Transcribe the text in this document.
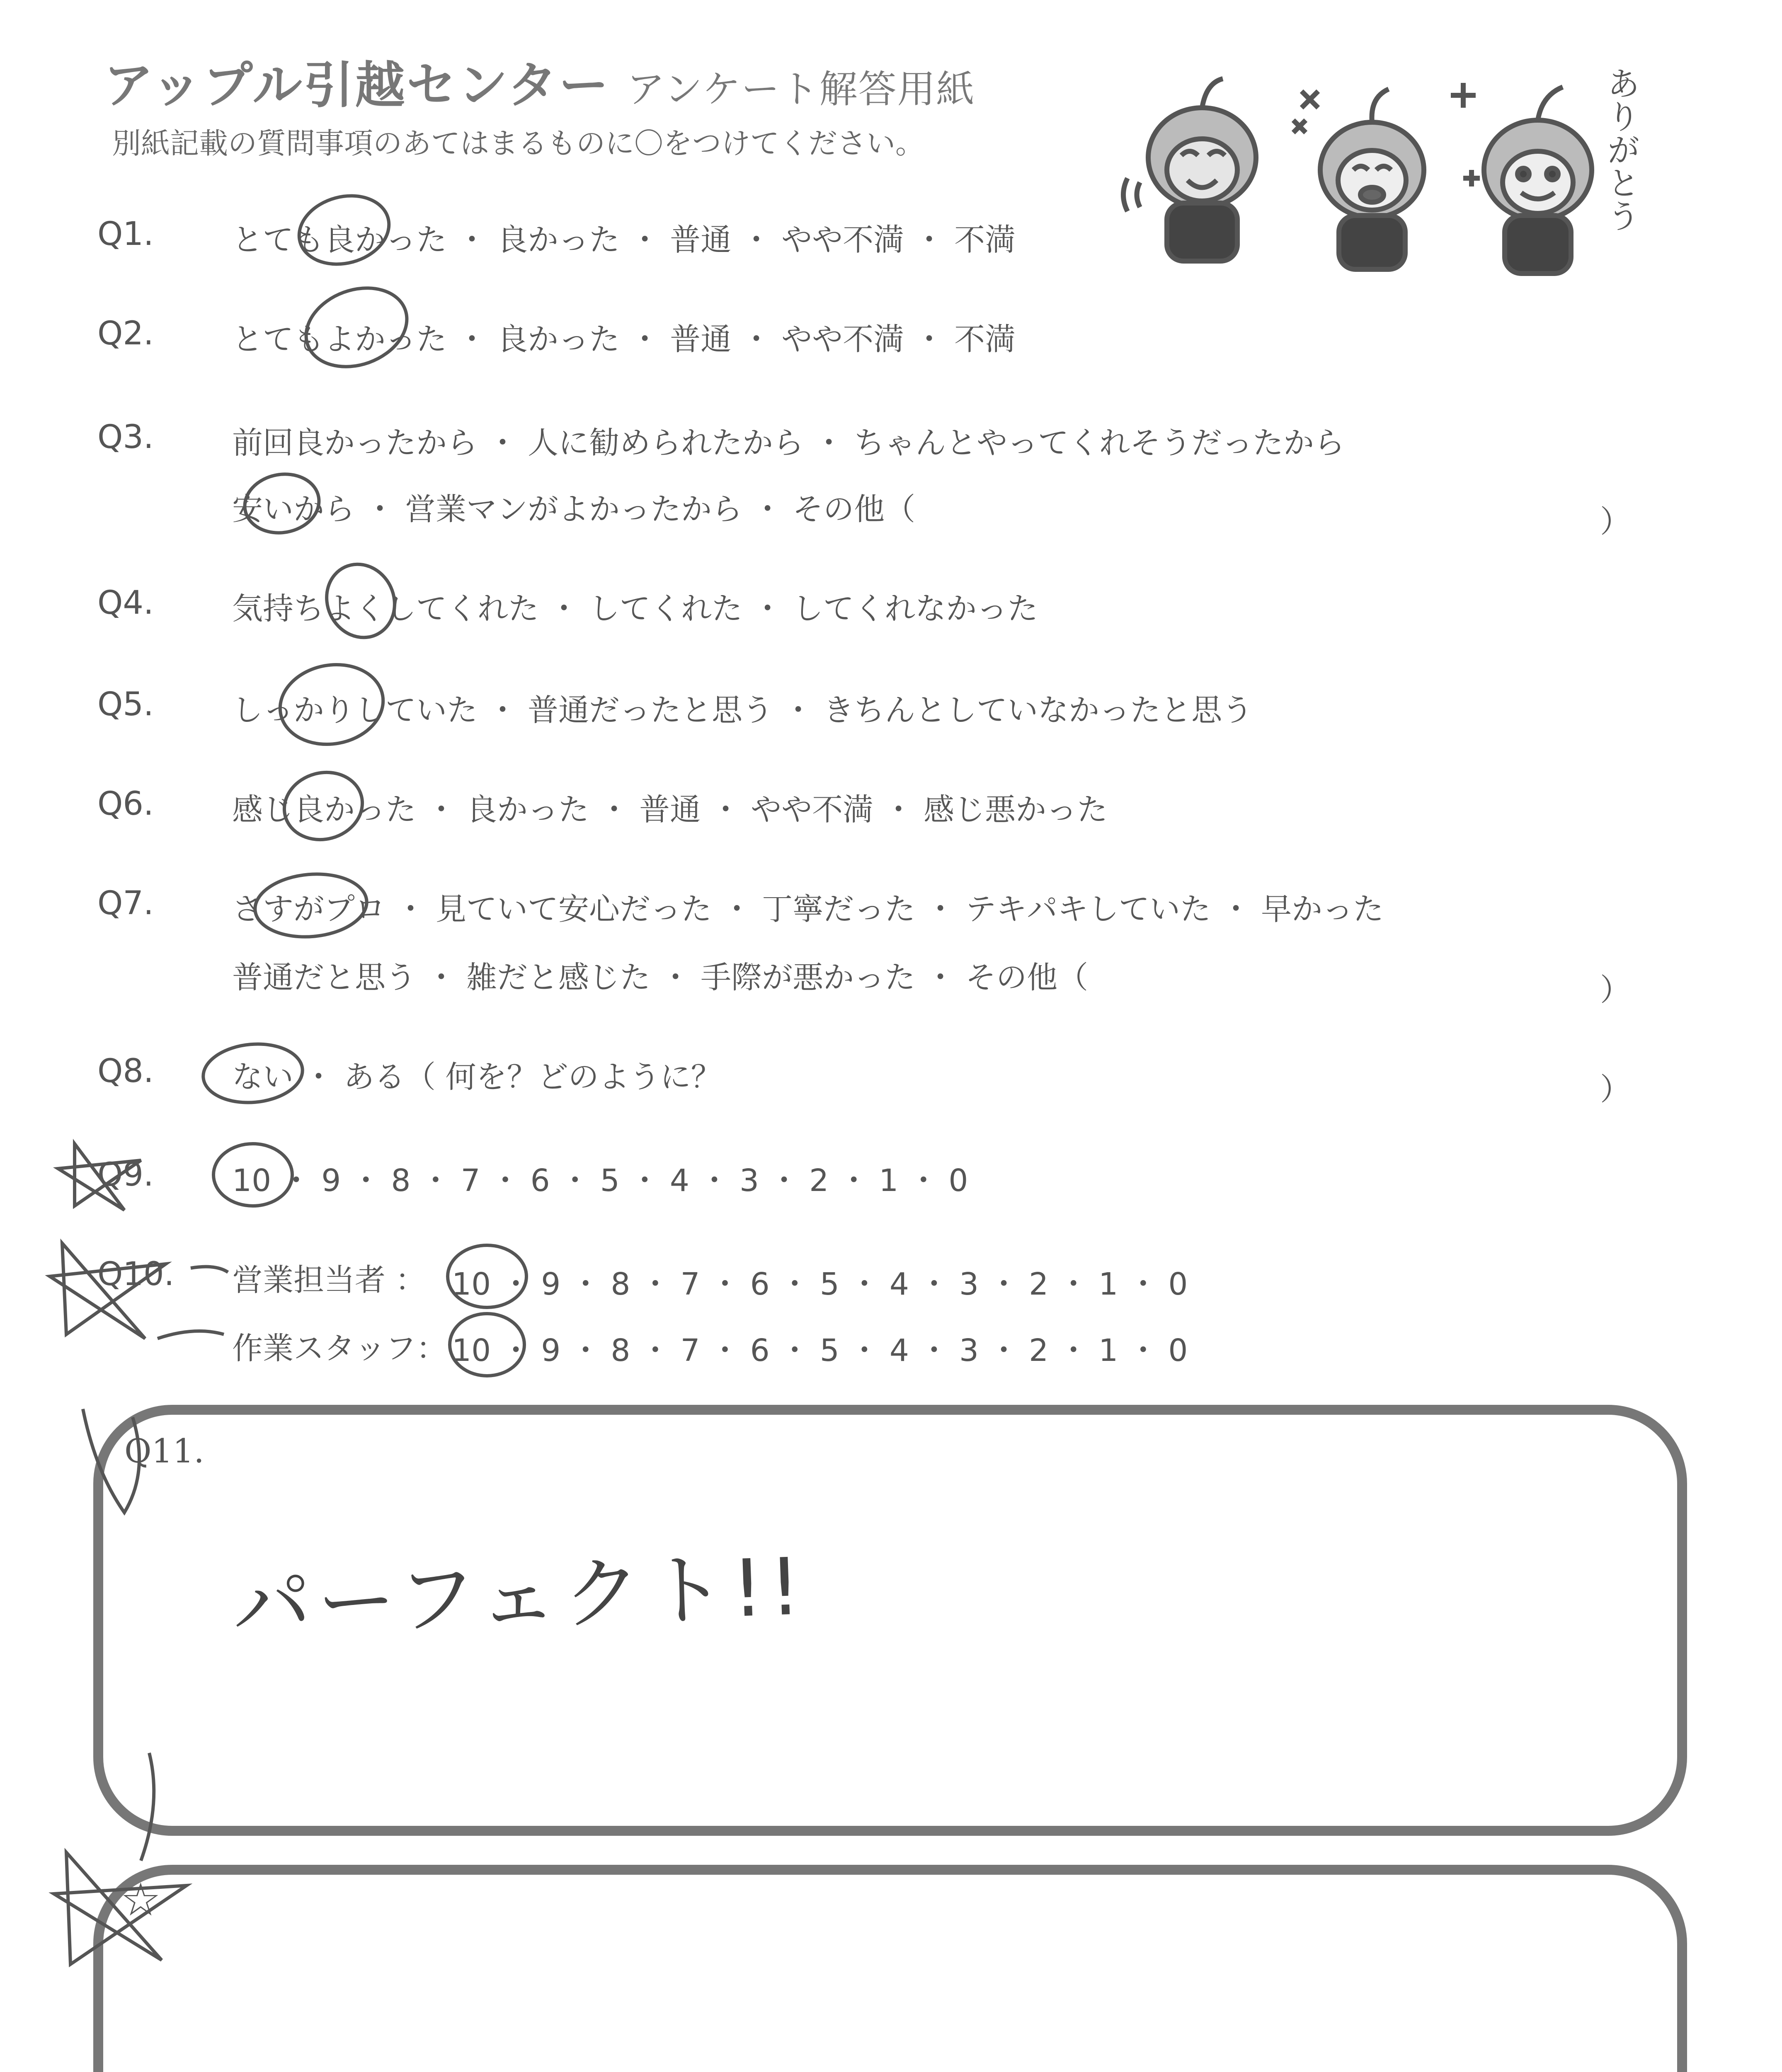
アップル引越センター アンケート解答用紙
別紙記載の質問事項のあてはまるものに〇をつけてください。	ありがとう
Q1.	とても良かった ・ 良かった ・ 普通 ・ やや不満 ・ 不満
Q2.	とてもよかった ・ 良かった ・ 普通 ・ やや不満 ・ 不満
Q3.	前回良かったから ・ 人に勧められたから ・ ちゃんとやってくれそうだったから
安いから ・ 営業マンがよかったから ・ その他（	）
Q4.	気持ちよくしてくれた ・ してくれた ・ してくれなかった
Q5.	しっかりしていた ・ 普通だったと思う ・ きちんとしていなかったと思う
Q6.	感じ良かった ・ 良かった ・ 普通 ・ やや不満 ・ 感じ悪かった
Q7.	さすがプロ ・ 見ていて安心だった ・ 丁寧だった ・ テキパキしていた ・ 早かった
普通だと思う ・ 雑だと感じた ・ 手際が悪かった ・ その他（	）
Q8.	ない ・ ある（ 何を？どのように？	）
Q9.	10 ・ 9 ・ 8 ・ 7 ・ 6 ・ 5 ・ 4 ・ 3 ・ 2 ・ 1 ・ 0
Q10. 営業担当者 ： 10 ・ 9 ・ 8 ・ 7 ・ 6 ・ 5 ・ 4 ・ 3 ・ 2 ・ 1 ・ 0
作業スタッフ： 10 ・ 9 ・ 8 ・ 7 ・ 6 ・ 5 ・ 4 ・ 3 ・ 2 ・ 1 ・ 0
Q11.
パーフェクト!!
☆
